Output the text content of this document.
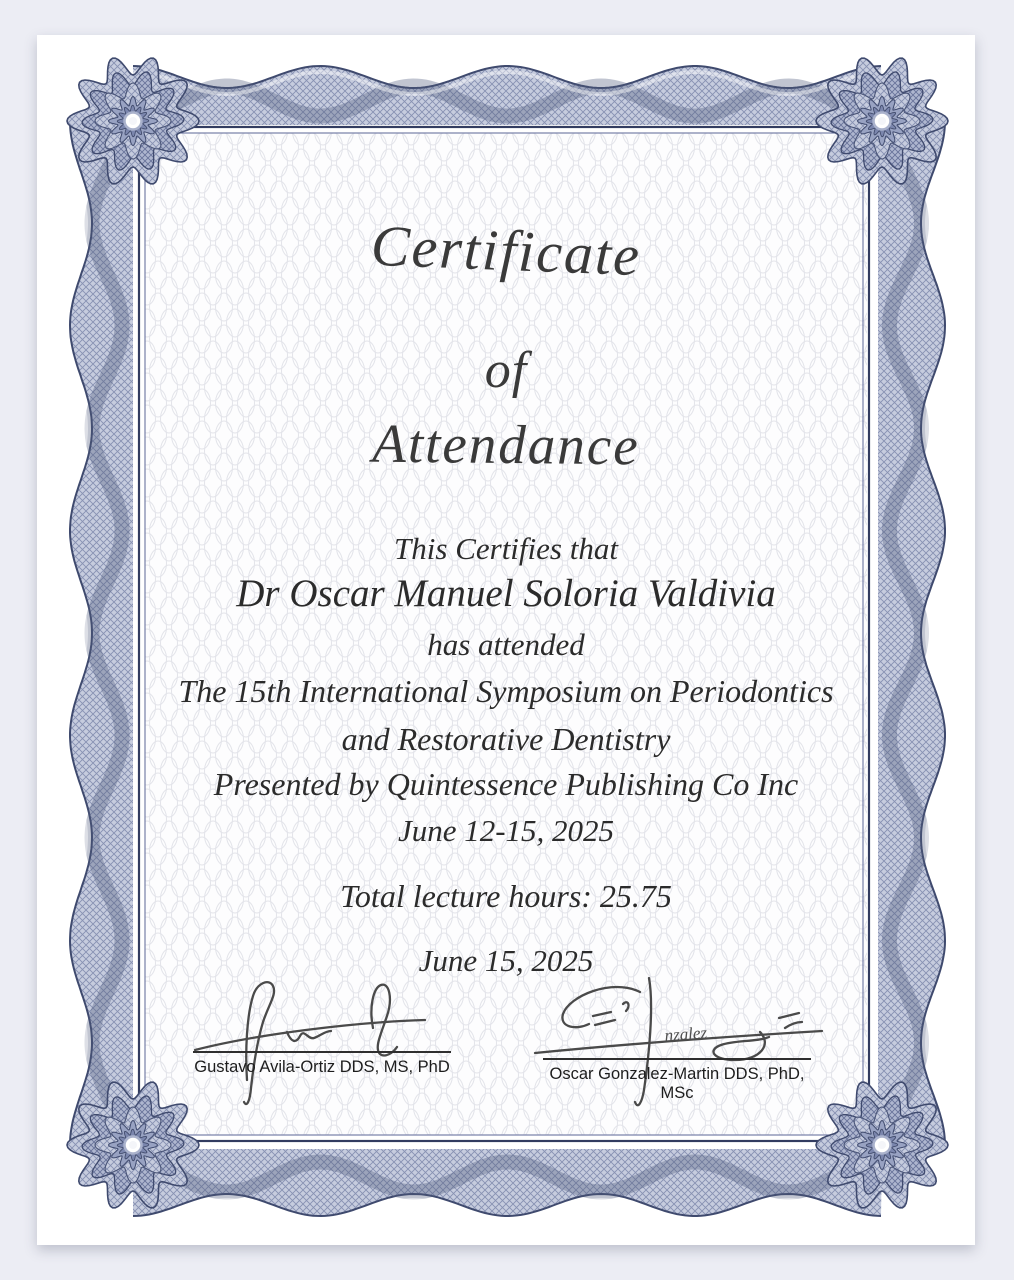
Certificate
of
Attendance
This Certifies that
Dr Oscar Manuel Soloria Valdivia
has attended
The 15th International Symposium on Periodontics
and Restorative Dentistry
Presented by Quintessence Publishing Co Inc
June 12-15, 2025
Total lecture hours: 25.75
June 15, 2025
Gustavo Avila-Ortiz DDS, MS, PhD
nzalez
Oscar Gonzalez-Martin DDS, PhD, MSc
